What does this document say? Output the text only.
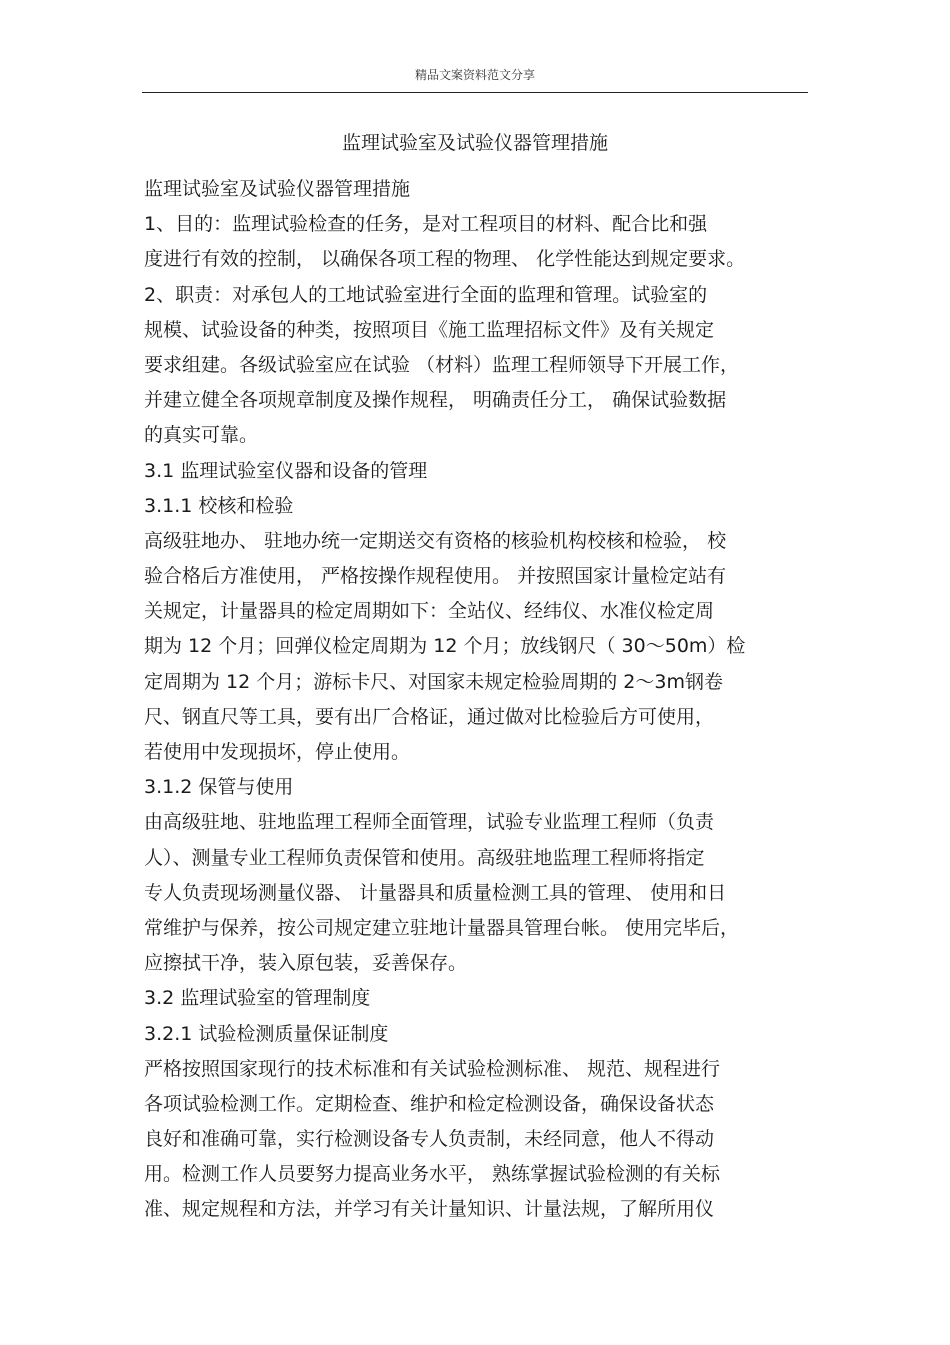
精品文案资料范文分享
监理试验室及试验仪器管理措施
监理试验室及试验仪器管理措施
1、目的：监理试验检查的任务，是对工程项目的材料、配合比和强
度进行有效的控制， 以确保各项工程的物理、 化学性能达到规定要求。
2、职责：对承包人的工地试验室进行全面的监理和管理。试验室的
规模、试验设备的种类，按照项目《施工监理招标文件》及有关规定
要求组建。各级试验室应在试验 （材料）监理工程师领导下开展工作，
并建立健全各项规章制度及操作规程， 明确责任分工， 确保试验数据
的真实可靠。
3.1 监理试验室仪器和设备的管理
3.1.1 校核和检验
高级驻地办、 驻地办统一定期送交有资格的核验机构校核和检验， 校
验合格后方准使用， 严格按操作规程使用。 并按照国家计量检定站有
关规定，计量器具的检定周期如下：全站仪、经纬仪、水准仪检定周
期为 12 个月；回弹仪检定周期为 12 个月；放线钢尺（ 30～50m）检
定周期为 12 个月；游标卡尺、对国家未规定检验周期的 2～3m钢卷
尺、钢直尺等工具，要有出厂合格证，通过做对比检验后方可使用，
若使用中发现损坏，停止使用。
3.1.2 保管与使用
由高级驻地、驻地监理工程师全面管理，试验专业监理工程师（负责
人）、测量专业工程师负责保管和使用。高级驻地监理工程师将指定
专人负责现场测量仪器、 计量器具和质量检测工具的管理、 使用和日
常维护与保养，按公司规定建立驻地计量器具管理台帐。 使用完毕后，
应擦拭干净，装入原包装，妥善保存。
3.2 监理试验室的管理制度
3.2.1 试验检测质量保证制度
严格按照国家现行的技术标准和有关试验检测标准、 规范、规程进行
各项试验检测工作。定期检查、维护和检定检测设备，确保设备状态
良好和准确可靠，实行检测设备专人负责制，未经同意，他人不得动
用。检测工作人员要努力提高业务水平， 熟练掌握试验检测的有关标
准、规定规程和方法，并学习有关计量知识、计量法规，了解所用仪
